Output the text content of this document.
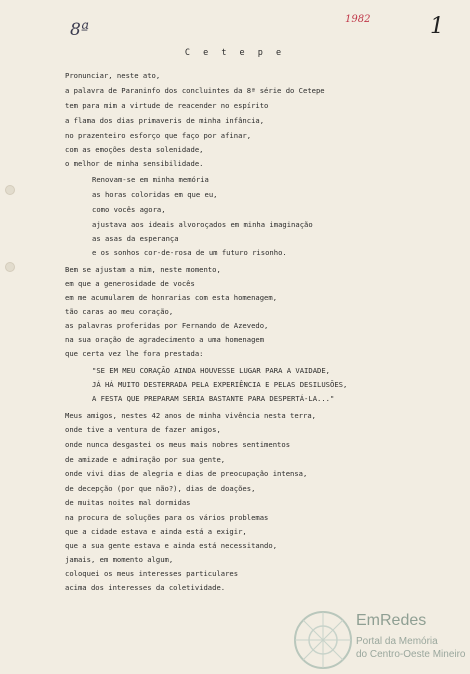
8ª
1982	1
C e t e p e
Pronunciar, neste ato,
a palavra de Paraninfo dos concluintes da 8ª série do Cetepe
tem para mim a virtude de reacender no espírito
a flama dos dias primaveris de minha infância,
no prazenteiro esforço que faço por afinar,
com as emoções desta solenidade,
o melhor de minha sensibilidade.
Renovam-se em minha memória
as horas coloridas em que eu,
como vocês agora,
ajustava aos ideais alvoroçados em minha imaginação
as asas da esperança
e os sonhos cor-de-rosa de um futuro risonho.
Bem se ajustam a mim, neste momento,
em que a generosidade de vocês
em me acumularem de honrarias com esta homenagem,
tão caras ao meu coração,
as palavras proferidas por Fernando de Azevedo,
na sua oração de agradecimento a uma homenagem
que certa vez lhe fora prestada:
"SE EM MEU CORAÇÃO AINDA HOUVESSE LUGAR PARA A VAIDADE,
JÁ HÁ MUITO DESTERRADA PELA EXPERIÊNCIA E PELAS DESILUSÕES,
A FESTA QUE PREPARAM SERIA BASTANTE PARA DESPERTÁ-LA..."
Meus amigos, nestes 42 anos de minha vivência nesta terra,
onde tive a ventura de fazer amigos,
onde nunca desgastei os meus mais nobres sentimentos
de amizade e admiração por sua gente,
onde vivi dias de alegria e dias de preocupação intensa,
de decepção (por que não?), dias de doações,
de muitas noites mal dormidas
na procura de soluções para os vários problemas
que a cidade estava e ainda está a exigir,
que a sua gente estava e ainda está necessitando,
jamais, em momento algum,
coloquei os meus interesses particulares
acima dos interesses da coletividade.
EmRedes
Portal da Memória
do Centro-Oeste Mineiro
